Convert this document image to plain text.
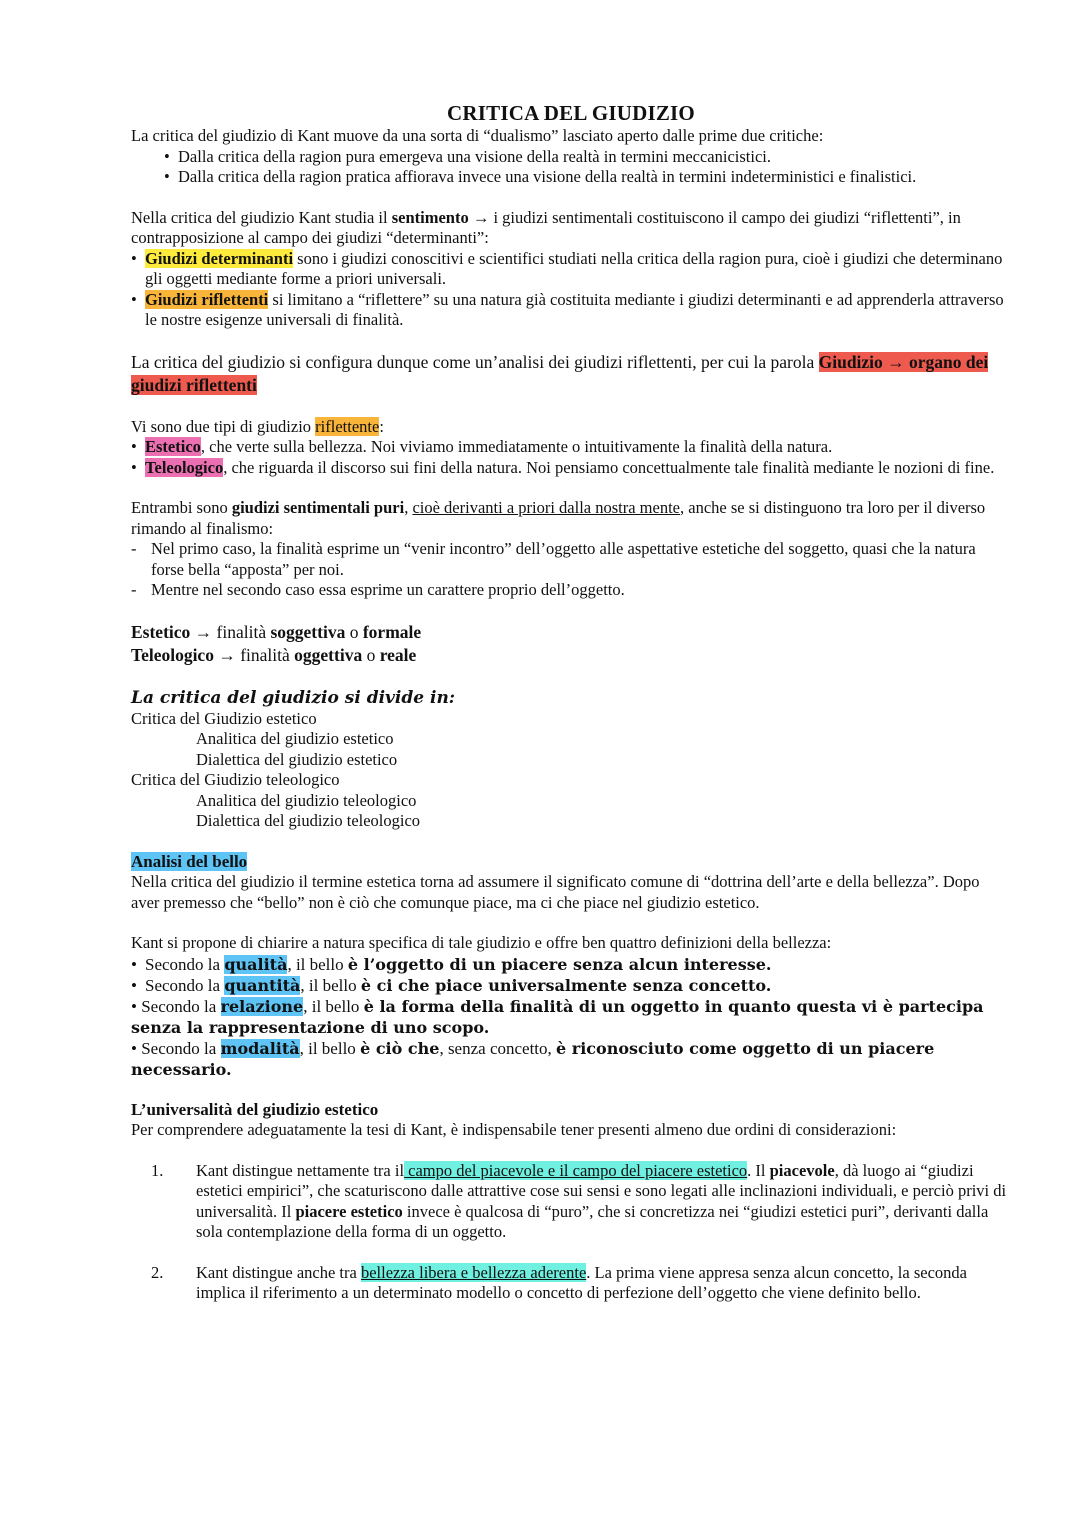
CRITICA DEL GIUDIZIO

La critica del giudizio di Kant muove da una sorta di “dualismo” lasciato aperto dalle prime due critiche:

• Dalla critica della ragion pura emergeva una visione della realtà in termini meccanicistici.
• Dalla critica della ragion pratica affiorava invece una visione della realtà in termini indeterministici e finalistici.

Nella critica del giudizio Kant studia il sentimento → i giudizi sentimentali costituiscono il campo dei giudizi “riflettenti”, in contrapposizione al campo dei giudizi “determinanti”:

• Giudizi determinanti sono i giudizi conoscitivi e scientifici studiati nella critica della ragion pura, cioè i giudizi che determinano gli oggetti mediante forme a priori universali.

• Giudizi riflettenti si limitano a “riflettere” su una natura già costituita mediante i giudizi determinanti e ad apprenderla attraverso le nostre esigenze universali di finalità.

La critica del giudizio si configura dunque come un’analisi dei giudizi riflettenti, per cui la parola Giudizio → organo dei giudizi riflettenti

Vi sono due tipi di giudizio riflettente:

• Estetico, che verte sulla bellezza. Noi viviamo immediatamente o intuitivamente la finalità della natura.

• Teleologico, che riguarda il discorso sui fini della natura. Noi pensiamo concettualmente tale finalità mediante le nozioni di fine.

Entrambi sono giudizi sentimentali puri, cioè derivanti a priori dalla nostra mente, anche se si distinguono tra loro per il diverso rimando al finalismo:

- Nel primo caso, la finalità esprime un “venir incontro” dell’oggetto alle aspettative estetiche del soggetto, quasi che la natura forse bella “apposta” per noi.

- Mentre nel secondo caso essa esprime un carattere proprio dell’oggetto.

Estetico → finalità soggettiva o formale

Teleologico → finalità oggettiva o reale

La critica del giudizio si divide in:

Critica del Giudizio estetico

Analitica del giudizio estetico

Dialettica del giudizio estetico

Critica del Giudizio teleologico

Analitica del giudizio teleologico

Dialettica del giudizio teleologico

Analisi del bello

Nella critica del giudizio il termine estetica torna ad assumere il significato comune di “dottrina dell’arte e della bellezza”. Dopo aver premesso che “bello” non è ciò che comunque piace, ma ci che piace nel giudizio estetico.

Kant si propone di chiarire a natura specifica di tale giudizio e offre ben quattro definizioni della bellezza:

• Secondo la qualità, il bello è l’oggetto di un piacere senza alcun interesse.

• Secondo la quantità, il bello è ci che piace universalmente senza concetto.

• Secondo la relazione, il bello è la forma della finalità di un oggetto in quanto questa vi è partecipa senza la rappresentazione di uno scopo.

• Secondo la modalità, il bello è ciò che, senza concetto, è riconosciuto come oggetto di un piacere necessario.

L’universalità del giudizio estetico

Per comprendere adeguatamente la tesi di Kant, è indispensabile tener presenti almeno due ordini di considerazioni:

1. Kant distingue nettamente tra il campo del piacevole e il campo del piacere estetico. Il piacevole, dà luogo ai “giudizi estetici empirici”, che scaturiscono dalle attrattive cose sui sensi e sono legati alle inclinazioni individuali, e perciò privi di universalità. Il piacere estetico invece è qualcosa di “puro”, che si concretizza nei “giudizi estetici puri”, derivanti dalla sola contemplazione della forma di un oggetto.
2. Kant distingue anche tra bellezza libera e bellezza aderente. La prima viene appresa senza alcun concetto, la seconda implica il riferimento a un determinato modello o concetto di perfezione dell’oggetto che viene definito bello.
